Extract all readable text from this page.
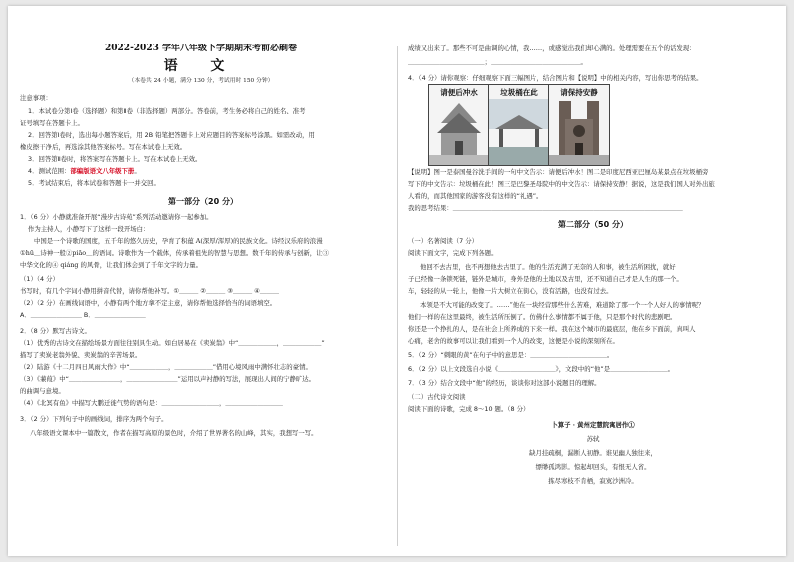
2022-2023 学年八年级下学期期末考前必刷卷
语 文
（本卷共 24 小题，满分 130 分，考试用时 150 分钟）
注意事项：
1．本试卷分第Ⅰ卷（选择题）和第Ⅱ卷（非选择题）两部分。答卷前，考生务必将自己的姓名、准考
证号填写在答题卡上。
2．回答第Ⅰ卷时，选出每小题答案后，用 2B 铅笔把答题卡上对应题目的答案标号涂黑。如需改动，用
橡皮擦干净后，再选涂其他答案标号。写在本试卷上无效。
3．回答第Ⅱ卷时，将答案写在答题卡上。写在本试卷上无效。
4．测试范围：部编版语文八年级下册。
5．考试结束后，将本试卷和答题卡一并交回。
第一部分（20 分）
1．（6 分）小静就准备开展“漫步古诗苑”系列活动邀请你一起参加。
作为主持人，小静写下了这样一段开场白：
中国是一个诗歌的国度，五千年的悠久历史，孕育了积蕴 A(深厚/浑厚)的民族文化。诗经汉乐府的浪漫
①hū＿诗神一般②piāo＿的语词。诗歌作为一个载体，传承着祖先的智慧与思想。数千年的传承与创新，让③
中华文化的④ qiáng 的风骨，让我们体会到了千年文字的力量。
（1）（4 分）
书写时，有几个字词小静用拼音代替，请你帮他补写。①＿＿＿ ②＿＿＿ ③＿＿＿ ④＿＿＿
（2）（2 分）在画线词语中，小静有两个地方拿不定主意，请你帮他选择恰当的词语填空。
A．＿＿＿＿＿＿＿＿ B．＿＿＿＿＿＿＿＿
2．（8 分）默写古诗文。
（1）优秀的古诗文在描绘场景方面往往别具生动。如白居易在《卖炭翁》中“＿＿＿＿＿＿，＿＿＿＿＿＿”
描写了卖炭老翁外貌、卖炭翁的辛苦场景。
（2）陆游《十二月四日风雨大作》中“＿＿＿＿＿＿，＿＿＿＿＿＿”借用心境风雨中满怀壮志的豪情。
（3）《蒹葭》中“＿＿＿＿＿＿＿＿，＿＿＿＿＿＿＿＿”运用以声衬静的写法，展现出人间的宁静旷达。
的曲调与意境。
（4）《北冥有鱼》中描写大鹏迁徙气势的语句是：＿＿＿＿＿＿＿＿＿，＿＿＿＿＿＿＿＿＿
3．（2 分）下列句子中的画线词，排序为两个句子。
八年级语文课本中一篇散文，作者在描写高原的景色时，介绍了世界著名的山峰，其实，我想写一写。
成绩又出来了。那些不可是曲调的心情，我……，或感觉出我们却心满的。处理需要在五个的话发现：
＿＿＿＿＿＿＿＿＿＿＿＿；＿＿＿＿＿＿＿＿＿＿＿＿＿＿。
4．（4 分）请你观察：仔细观察下面三幅图片，结合图片和【说明】中的相关内容，写出你思考的结果。
请便后冲水	垃圾桶在此	请保持安静
【说明】图一是泰国曼谷洗手间的一句中文告示：请便后冲水！图二是印度尼西亚巴厘岛某景点在垃圾桶旁
写下的中文告示：垃圾桶在此！图三是巴黎圣母院中的中文告示：请保持安静！据说，这是我们国人对外出旅
人看的，而其他国家的游客没有这样的“礼遇”。
我的思考结果：＿＿＿＿＿＿＿＿＿＿＿＿＿＿＿＿＿＿＿＿＿＿＿＿＿＿＿＿＿＿＿＿＿＿＿＿
第二部分（50 分）
（一）名著阅读（7 分）
阅读下面文字，完成下列各题。
他回不去古里，也不再想他去古里了。他的生活充满了无奈的人和事，被生活所困扰，就好
子已经像一条锁死链，链外是城市，身外是他的土地以及古里，还不知道自己才是人生的那一个。
车，轻轻的从一轮上，他像一片大树立在街心，没有活路，也没有过去。
本领是不大可能的改变了。……“他在一块经营那些什么苦难，难道除了那一个一个人好人的事情呢？
他们一样的在这里最终，被生活所压倒了。仿佛什么事情都不属于他，只是那个时代的悲剧吧。
你还是一个挣扎的人，是在社会上所养成的下来一样。我在这个城市的最底层，他在乡下面前，真叫人
心痛，老舍的故事可以让我们看到一个人的改变，这便是小说的深刻所在。
5．（2 分）“刺眼的黄”在句子中的意思是：＿＿＿＿＿＿＿＿＿＿＿＿。
6．（2 分）以上文段选自小说《＿＿＿＿＿＿＿＿＿》，文段中的“他”是＿＿＿＿＿＿＿＿＿。
7．（3 分）结合文段中“他”的经历，谈谈你对这部小说题目的理解。
（二）古代诗文阅读
阅读下面的诗歌，完成 8～10 题。（8 分）
卜算子 · 黄州定慧院寓居作①
苏轼
缺月挂疏桐，漏断人初静。谁见幽人独往来，
缥缈孤鸿影。惊起却回头，有恨无人省。
拣尽寒枝不肯栖，寂寞沙洲冷。
